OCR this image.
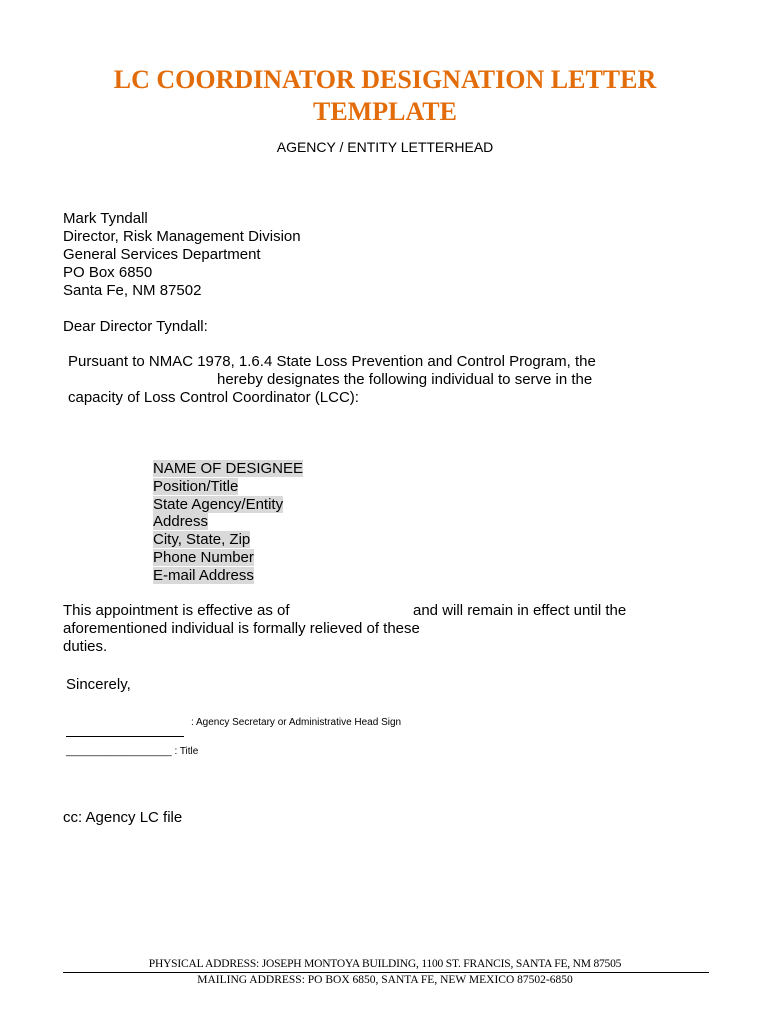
LC COORDINATOR DESIGNATION LETTER
TEMPLATE
AGENCY / ENTITY LETTERHEAD
Mark Tyndall
Director, Risk Management Division
General Services Department
PO Box 6850
Santa Fe, NM 87502
Dear Director Tyndall:
Pursuant to NMAC 1978, 1.6.4 State Loss Prevention and Control Program, the
hereby designates the following individual to serve in the
capacity of Loss Control Coordinator (LCC):
NAME OF DESIGNEE
Position/Title
State Agency/Entity
Address
City, State, Zip
Phone Number
E-mail Address
This appointment is effective as of	and will remain in effect until the
aforementioned individual is formally relieved of these
duties.
Sincerely,
: Agency Secretary or Administrative Head Sign
___________________ : Title
cc: Agency LC file
PHYSICAL ADDRESS: JOSEPH MONTOYA BUILDING, 1100 ST. FRANCIS, SANTA FE, NM 87505
MAILING ADDRESS: PO BOX 6850, SANTA FE, NEW MEXICO 87502-6850
